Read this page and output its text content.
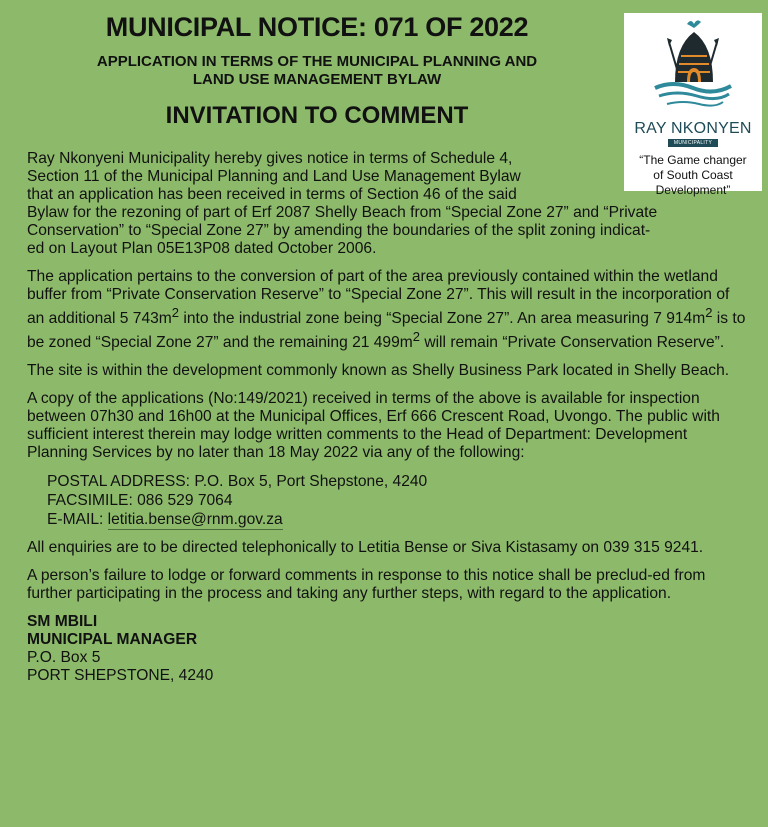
MUNICIPAL NOTICE: 071 OF 2022
APPLICATION IN TERMS OF THE MUNICIPAL PLANNING AND
LAND USE MANAGEMENT BYLAW
INVITATION TO COMMENT	RAY NKONYEN
MUNICIPALITY
“The Game changer
of South Coast
Development”

Ray Nkonyeni Municipality hereby gives notice in terms of Schedule 4,
Section 11 of the Municipal Planning and Land Use Management Bylaw
that an application has been received in terms of Section 46 of the said
Bylaw for the rezoning of part of Erf 2087 Shelly Beach from “Special Zone 27” and “Private
Conservation” to “Special Zone 27” by amending the boundaries of the split zoning indicat-
ed on Layout Plan 05E13P08 dated October 2006.

The application pertains to the conversion of part of the area previously contained within the wetland buffer from “Private Conservation Reserve” to “Special Zone 27”. This will result in the incorporation of an additional 5 $743m^2$ into the industrial zone being “Special Zone 27”. An area measuring 7 $914m^2$ is to be zoned “Special Zone 27” and the remaining 21 $499m^2$ will remain “Private Conservation Reserve”.

The site is within the development commonly known as Shelly Business Park located in Shelly Beach.

A copy of the applications (No:149/2021) received in terms of the above is available for inspection between 07h30 and 16h00 at the Municipal Offices, Erf 666 Crescent Road, Uvongo. The public with sufficient interest therein may lodge written comments to the Head of Department: Development Planning Services by no later than 18 May 2022 via any of the following:

POSTAL ADDRESS: P.O. Box 5, Port Shepstone, 4240
FACSIMILE: 086 529 7064
E-MAIL: letitia.bense@rnm.gov.za

All enquiries are to be directed telephonically to Letitia Bense or Siva Kistasamy on 039 315 9241.

A person’s failure to lodge or forward comments in response to this notice shall be preclud-ed from further participating in the process and taking any further steps, with regard to the application.

SM MBILI
MUNICIPAL MANAGER
P.O. Box 5
PORT SHEPSTONE, 4240
